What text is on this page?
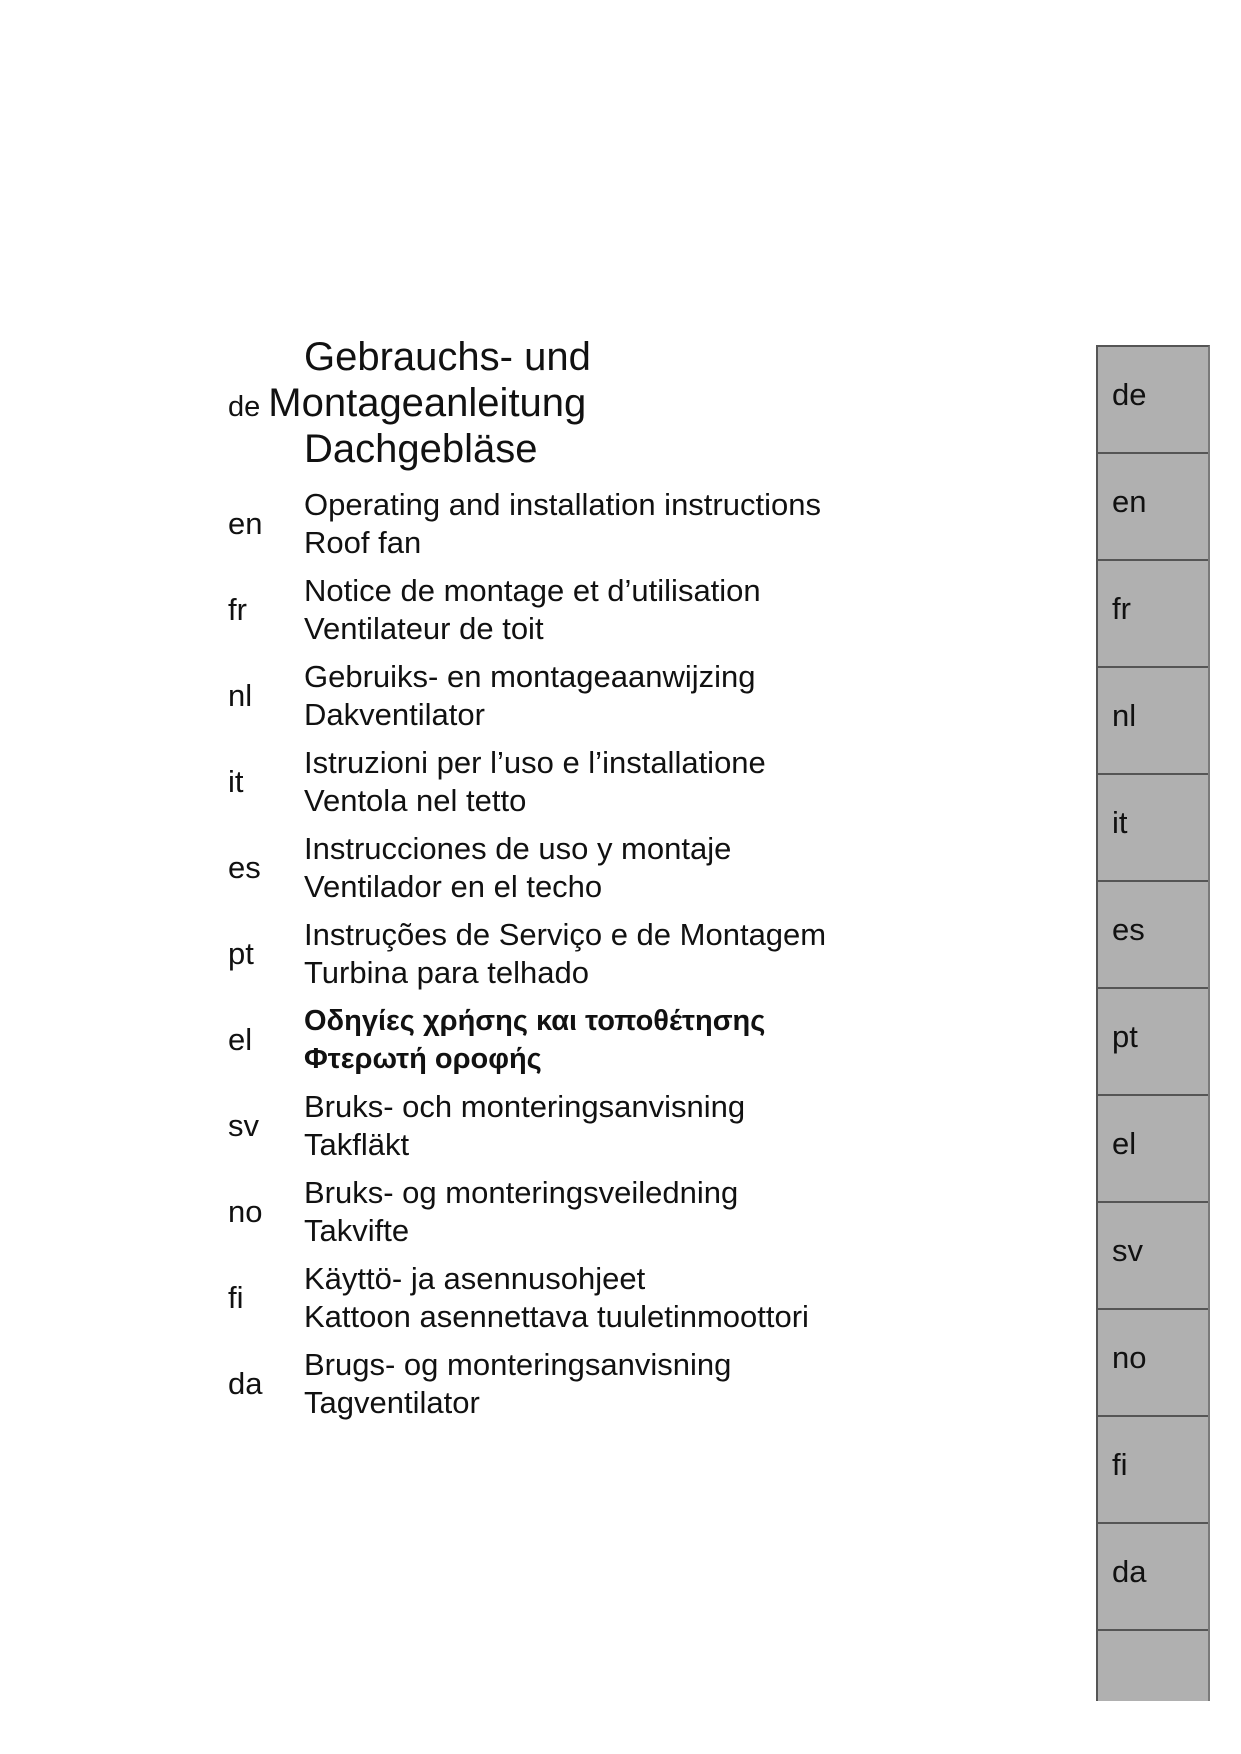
Gebrauchs- und
de Montageanleitung
Dachgebläse
en
Operating and installation instructions
Roof fan
fr
Notice de montage et d’utilisation
Ventilateur de toit
nl
Gebruiks- en montageaanwijzing
Dakventilator
it
Istruzioni per l’uso e l’installatione
Ventola nel tetto
es
Instrucciones de uso y montaje
Ventilador en el techo
pt
Instruções de Serviço e de Montagem
Turbina para telhado
el
Οδηγίες χρήσης και τοποθέτησης
Φτερωτή οροφής
sv
Bruks- och monteringsanvisning
Takfläkt
no
Bruks- og monteringsveiledning
Takvifte
fi
Käyttö- ja asennusohjeet
Kattoon asennettava tuuletinmoottori
da
Brugs- og monteringsanvisning
Tagventilator
de
en
fr
nl
it
es
pt
el
sv
no
fi
da
